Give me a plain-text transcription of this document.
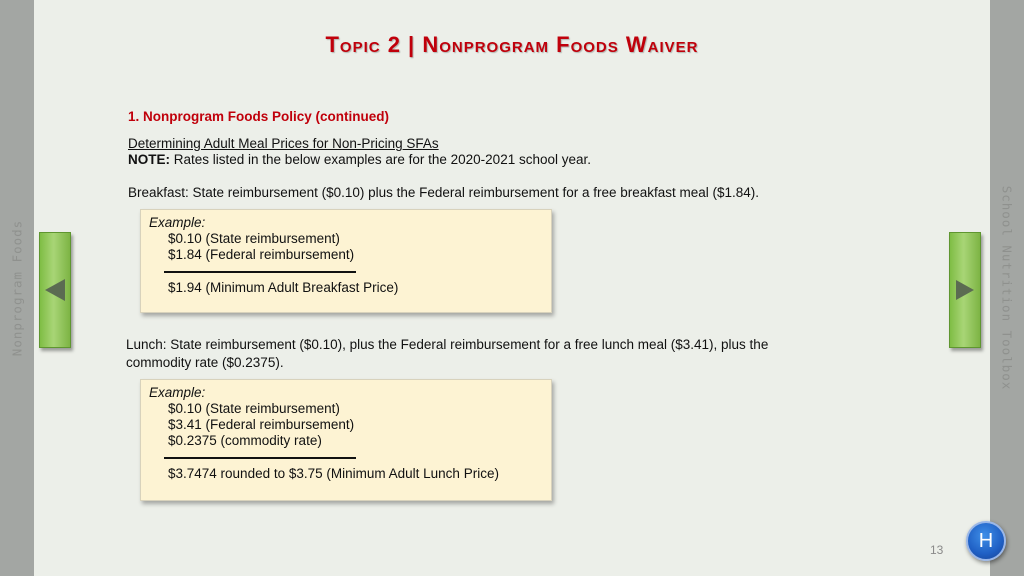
Nonprogram Foods	School Nutrition Toolbox
Topic 2 | Nonprogram Foods Waiver
1. Nonprogram Foods Policy (continued)
Determining Adult Meal Prices for Non-Pricing SFAs
NOTE: Rates listed in the below examples are for the 2020-2021 school year.
Breakfast: State reimbursement ($0.10) plus the Federal reimbursement for a free breakfast meal ($1.84).
Example:
$0.10 (State reimbursement)
$1.84 (Federal reimbursement)
$1.94 (Minimum Adult Breakfast Price)
Lunch: State reimbursement ($0.10), plus the Federal reimbursement for a free lunch meal ($3.41), plus the
commodity rate ($0.2375).
Example:
$0.10 (State reimbursement)
$3.41 (Federal reimbursement)
$0.2375 (commodity rate)
$3.7474 rounded to $3.75 (Minimum Adult Lunch Price)
13 H
